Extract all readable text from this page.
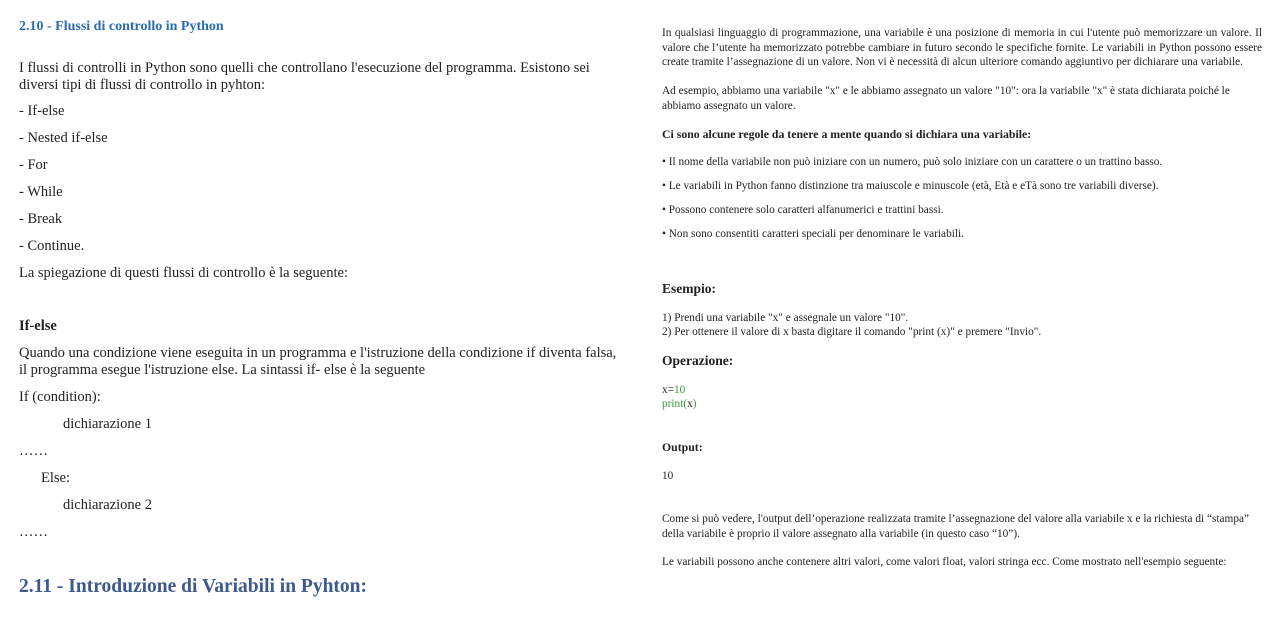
2.10 - Flussi di controllo in Python
I flussi di controlli in Python sono quelli che controllano l'esecuzione del programma. Esistono sei diversi tipi di flussi di controllo in pyhton:
- If-else
- Nested if-else
- For
- While
- Break
- Continue.
La spiegazione di questi flussi di controllo è la seguente:
If-else
Quando una condizione viene eseguita in un programma e l'istruzione della condizione if diventa falsa, il programma esegue l'istruzione else. La sintassi if- else è la seguente
If (condition):
dichiarazione 1
……
Else:
dichiarazione 2
……
2.11 - Introduzione di Variabili in Pyhton:
In qualsiasi linguaggio di programmazione, una variabile è una posizione di memoria in cui l'utente può memorizzare un valore. Il valore che l’utente ha memorizzato potrebbe cambiare in futuro secondo le specifiche fornite. Le variabili in Python possono essere create tramite l’assegnazione di un valore. Non vi è necessità di alcun ulteriore comando aggiuntivo per dichiarare una variabile.
Ad esempio, abbiamo una variabile "x" e le abbiamo assegnato un valore "10": ora la variabile "x" è stata dichiarata poiché le abbiamo assegnato un valore.
Ci sono alcune regole da tenere a mente quando si dichiara una variabile:
• Il nome della variabile non può iniziare con un numero, può solo iniziare con un carattere o un trattino basso.
• Le variabili in Python fanno distinzione tra maiuscole e minuscole (età, Età e eTà sono tre variabili diverse).
• Possono contenere solo caratteri alfanumerici e trattini bassi.
• Non sono consentiti caratteri speciali per denominare le variabili.
Esempio:
1) Prendi una variabile "x" e assegnale un valore "10".
2) Per ottenere il valore di x basta digitare il comando "print (x)" e premere "Invio".
Operazione:
x=10
print(x)
Output:
10
Come si può vedere, l'output dell’operazione realizzata tramite l’assegnazione del valore alla variabile x e la richiesta di “stampa” della variabile è proprio il valore assegnato alla variabile (in questo caso “10”).
Le variabili possono anche contenere altri valori, come valori float, valori stringa ecc. Come mostrato nell'esempio seguente:
